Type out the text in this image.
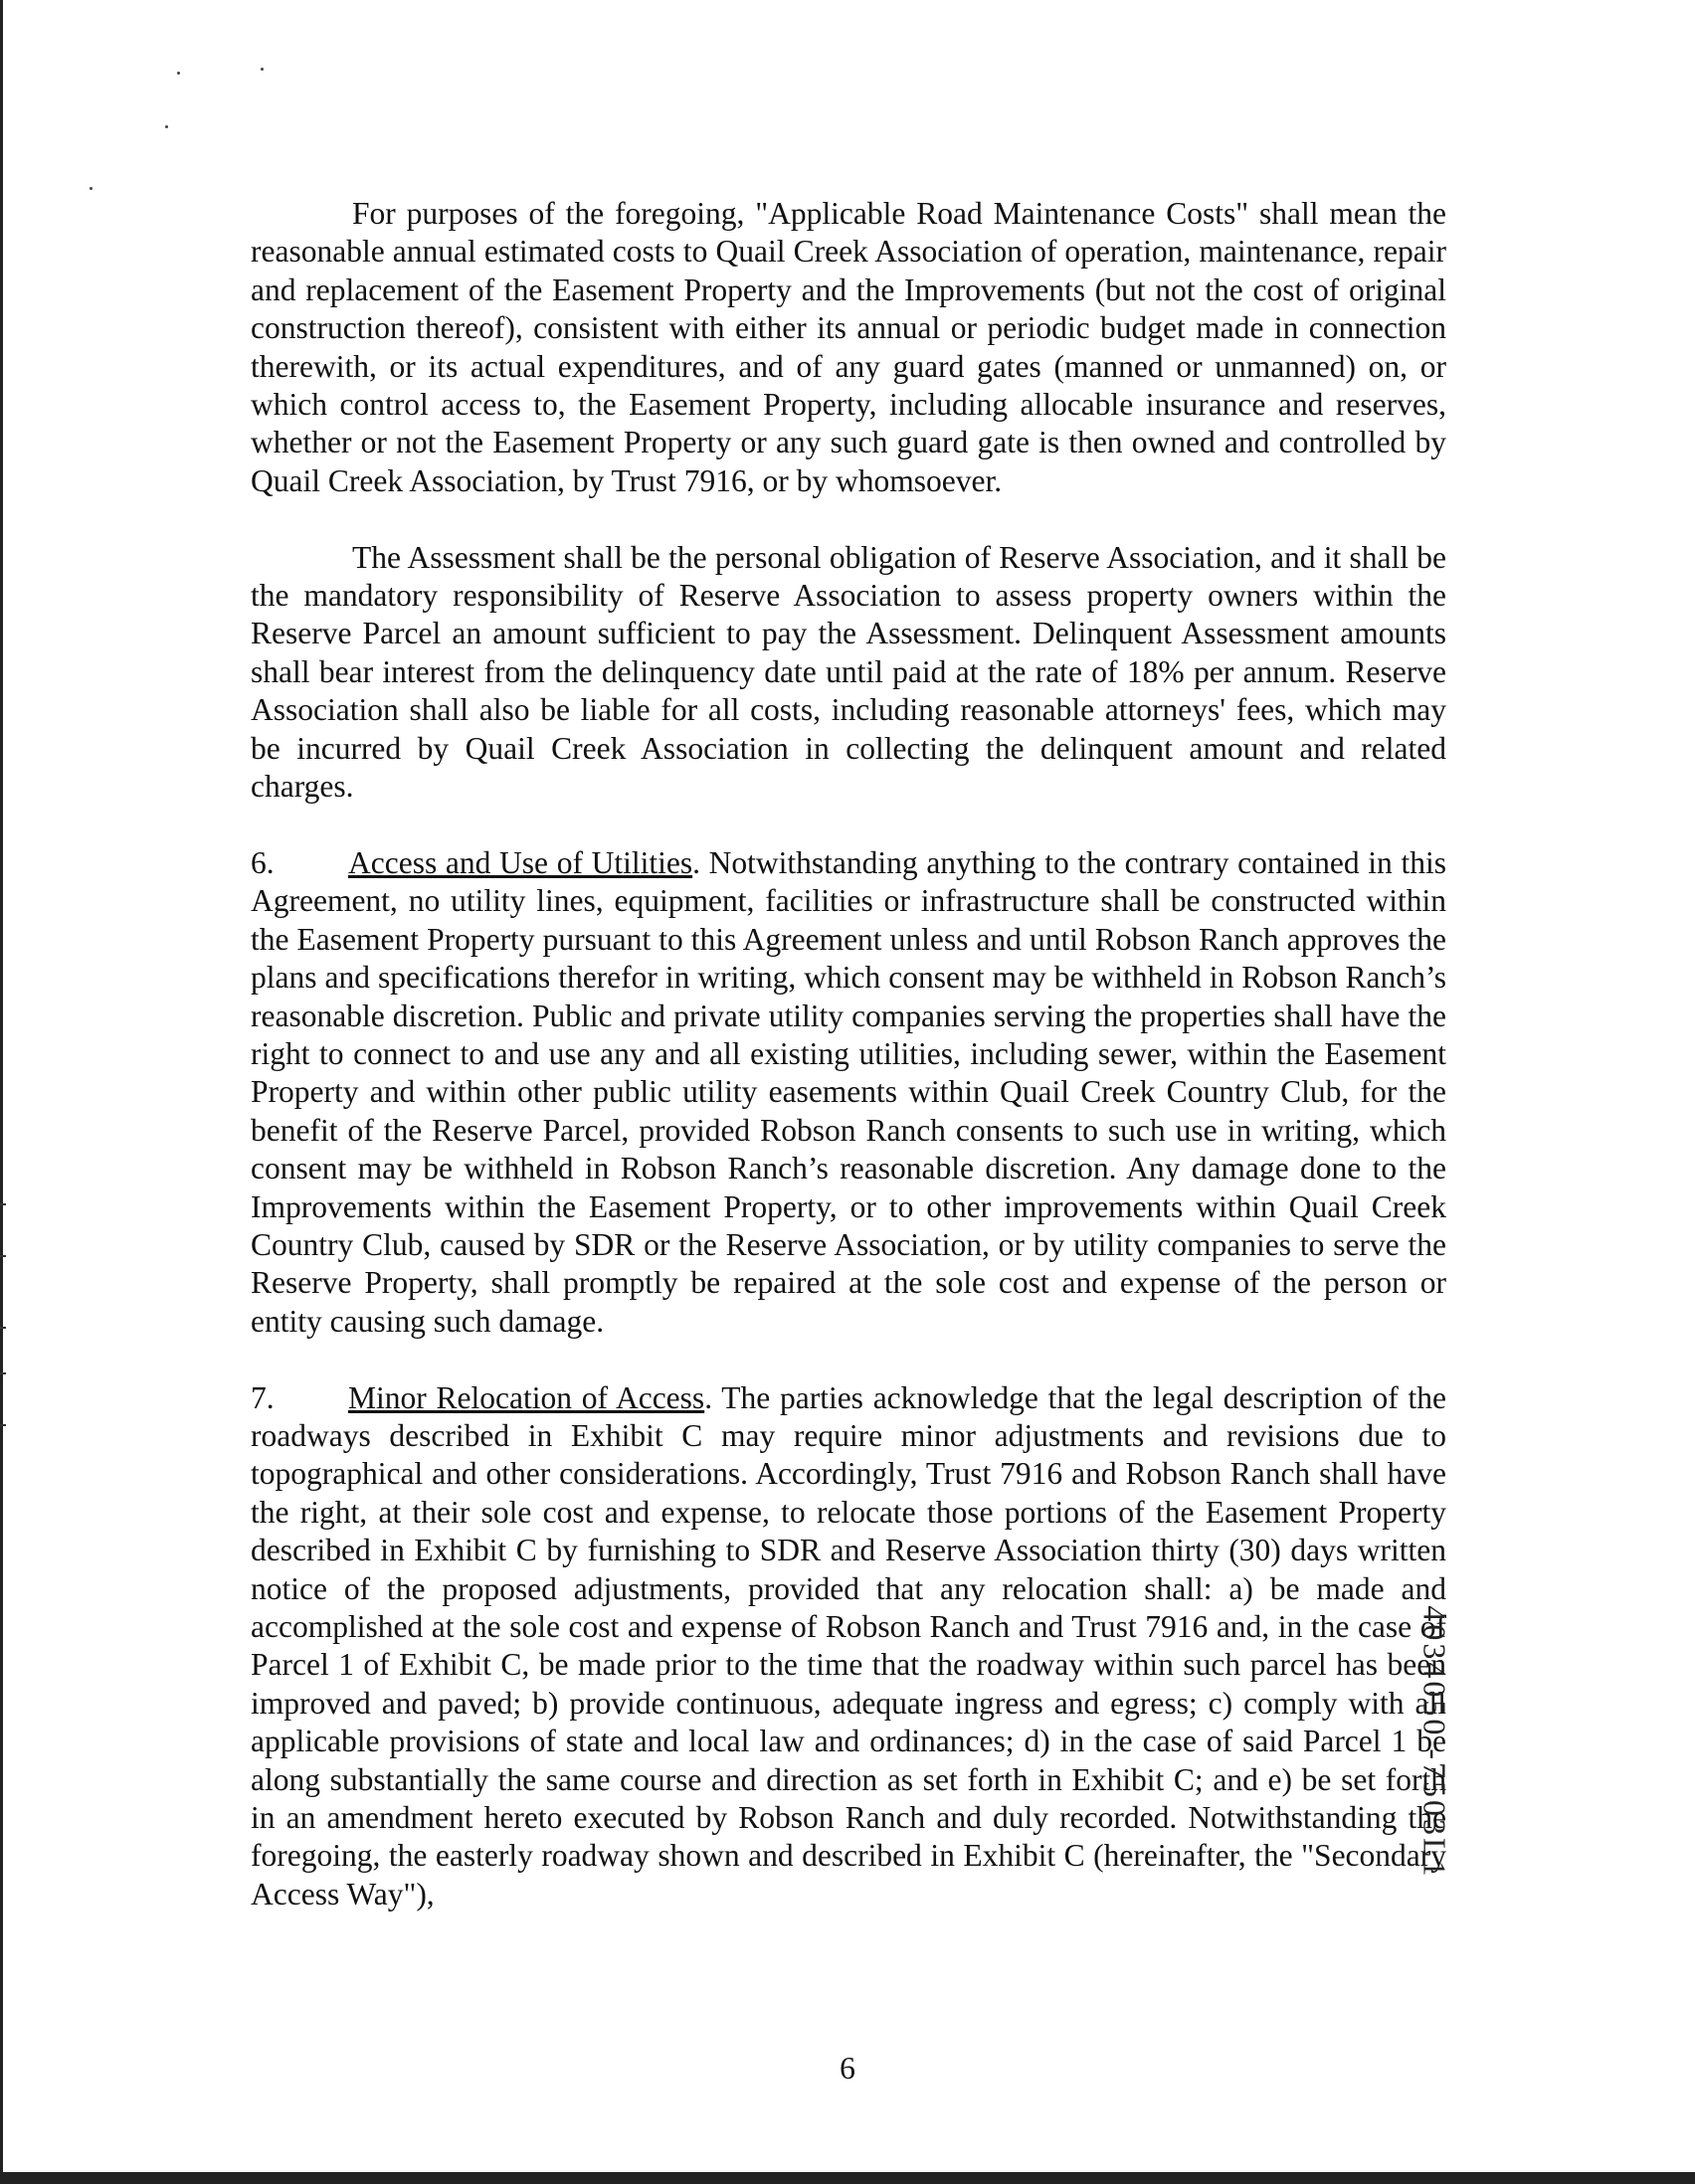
For purposes of the foregoing, "Applicable Road Maintenance Costs" shall mean the reasonable annual estimated costs to Quail Creek Association of operation, maintenance, repair and replacement of the Easement Property and the Improvements (but not the cost of original construction thereof), consistent with either its annual or periodic budget made in connection therewith, or its actual expenditures, and of any guard gates (manned or unmanned) on, or which control access to, the Easement Property, including allocable insurance and reserves, whether or not the Easement Property or any such guard gate is then owned and controlled by Quail Creek Association, by Trust 7916, or by whomsoever.

The Assessment shall be the personal obligation of Reserve Association, and it shall be the mandatory responsibility of Reserve Association to assess property owners within the Reserve Parcel an amount sufficient to pay the Assessment. Delinquent Assessment amounts shall bear interest from the delinquency date until paid at the rate of 18% per annum. Reserve Association shall also be liable for all costs, including reasonable attorneys' fees, which may be incurred by Quail Creek Association in collecting the delinquent amount and related charges.

6. Access and Use of Utilities. Notwithstanding anything to the contrary contained in this Agreement, no utility lines, equipment, facilities or infrastructure shall be constructed within the Easement Property pursuant to this Agreement unless and until Robson Ranch approves the plans and specifications therefor in writing, which consent may be withheld in Robson Ranch’s reasonable discretion. Public and private utility companies serving the properties shall have the right to connect to and use any and all existing utilities, including sewer, within the Easement Property and within other public utility easements within Quail Creek Country Club, for the benefit of the Reserve Parcel, provided Robson Ranch consents to such use in writing, which consent may be withheld in Robson Ranch’s reasonable discretion. Any damage done to the Improvements within the Easement Property, or to other improvements within Quail Creek Country Club, caused by SDR or the Reserve Association, or by utility companies to serve the Reserve Property, shall promptly be repaired at the sole cost and expense of the person or entity causing such damage.

7. Minor Relocation of Access. The parties acknowledge that the legal description of the roadways described in Exhibit C may require minor adjustments and revisions due to topographical and other considerations. Accordingly, Trust 7916 and Robson Ranch shall have the right, at their sole cost and expense, to relocate those portions of the Easement Property described in Exhibit C by furnishing to SDR and Reserve Association thirty (30) days written notice of the proposed adjustments, provided that any relocation shall: a) be made and accomplished at the sole cost and expense of Robson Ranch and Trust 7916 and, in the case of Parcel 1 of Exhibit C, be made prior to the time that the roadway within such parcel has been improved and paved; b) provide continuous, adequate ingress and egress; c) comply with all applicable provisions of state and local law and ordinances; d) in the case of said Parcel 1 be along substantially the same course and direction as set forth in Exhibit C; and e) be set forth in an amendment hereto executed by Robson Ranch and duly recorded. Notwithstanding the foregoing, the easterly roadway shown and described in Exhibit C (hereinafter, the "Secondary Access Way"),

4034050 -7503L1
6
